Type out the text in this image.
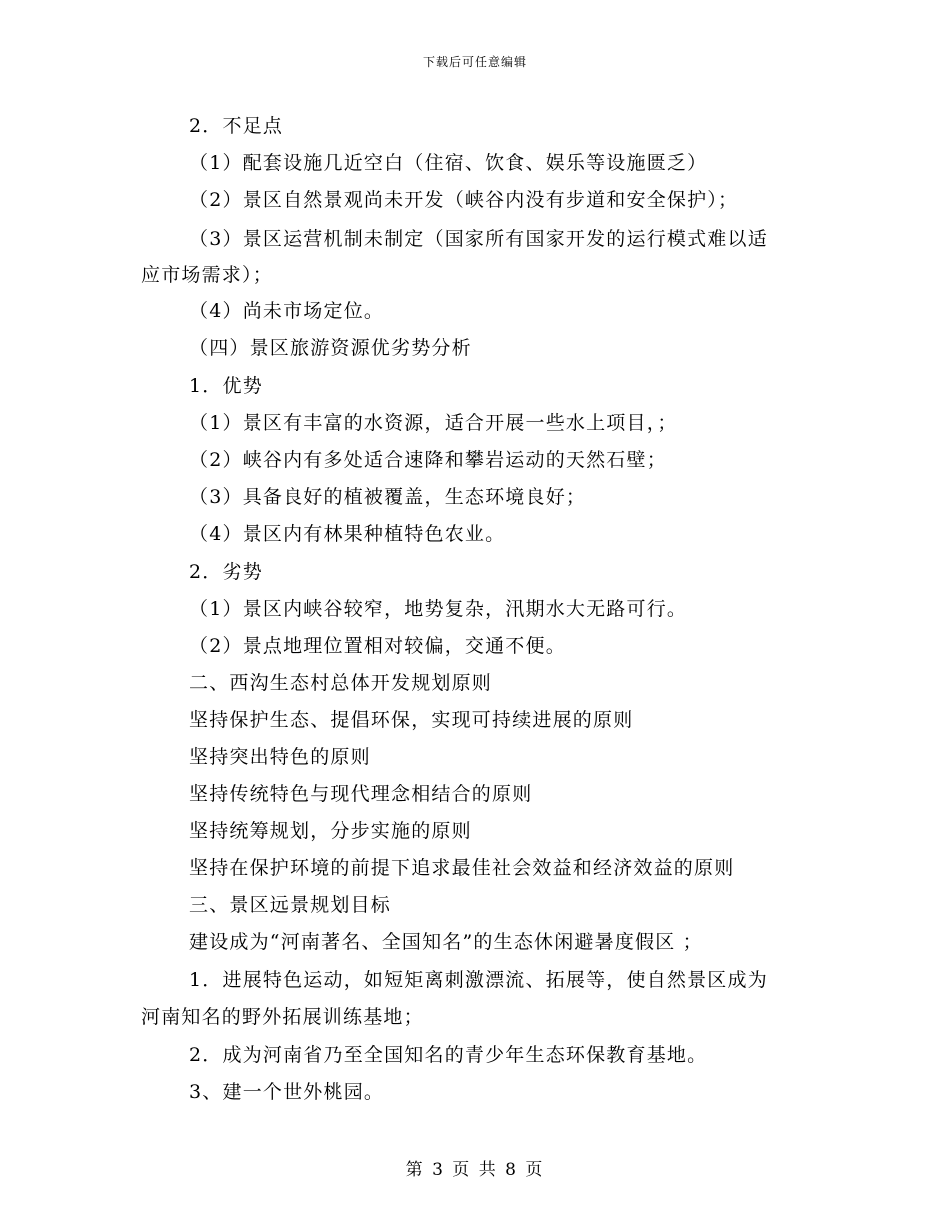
下载后可任意编辑
2．不足点
（1）配套设施几近空白（住宿、饮食、娱乐等设施匮乏）
（2）景区自然景观尚未开发（峡谷内没有步道和安全保护）；
（3）景区运营机制未制定（国家所有国家开发的运行模式难以适
应市场需求）；
（4）尚未市场定位。
（四）景区旅游资源优劣势分析
1．优势
（1）景区有丰富的水资源，适合开展一些水上项目，；
（2）峡谷内有多处适合速降和攀岩运动的天然石壁；
（3）具备良好的植被覆盖，生态环境良好；
（4）景区内有林果种植特色农业。
2．劣势
（1）景区内峡谷较窄，地势复杂，汛期水大无路可行。
（2）景点地理位置相对较偏，交通不便。
二、西沟生态村总体开发规划原则
坚持保护生态、提倡环保，实现可持续进展的原则
坚持突出特色的原则
坚持传统特色与现代理念相结合的原则
坚持统筹规划，分步实施的原则
坚持在保护环境的前提下追求最佳社会效益和经济效益的原则
三、景区远景规划目标
建设成为“河南著名、全国知名”的生态休闲避暑度假区 ；
1．进展特色运动，如短矩离刺激漂流、拓展等，使自然景区成为
河南知名的野外拓展训练基地；
2．成为河南省乃至全国知名的青少年生态环保教育基地。
3、建一个世外桃园。
第 3 页 共 8 页
